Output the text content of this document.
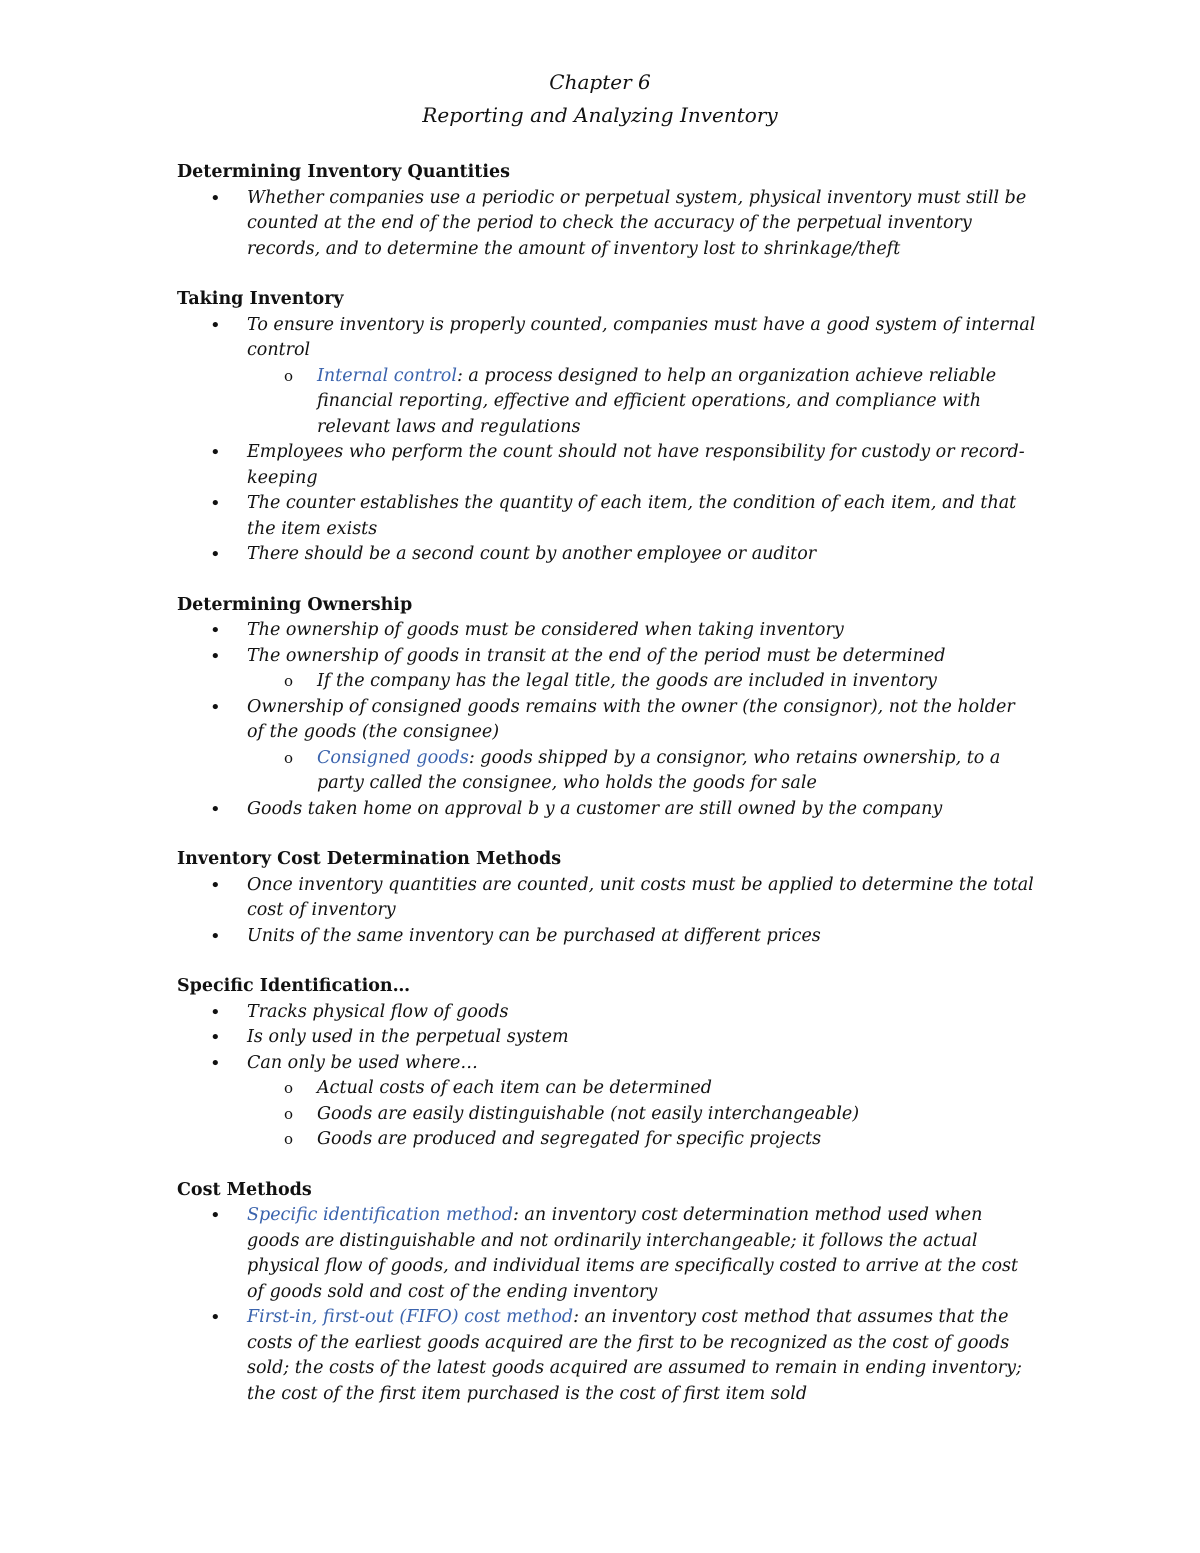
Chapter 6
Reporting and Analyzing Inventory
Determining Inventory Quantities
• Whether companies use a periodic or perpetual system, physical inventory must still be counted at the end of the period to check the accuracy of the perpetual inventory records, and to determine the amount of inventory lost to shrinkage/theft
Taking Inventory
• To ensure inventory is properly counted, companies must have a good system of internal control
o Internal control: a process designed to help an organization achieve reliable financial reporting, effective and efficient operations, and compliance with relevant laws and regulations
• Employees who perform the count should not have responsibility for custody or record-keeping
• The counter establishes the quantity of each item, the condition of each item, and that the item exists
• There should be a second count by another employee or auditor
Determining Ownership
• The ownership of goods must be considered when taking inventory
• The ownership of goods in transit at the end of the period must be determined
o If the company has the legal title, the goods are included in inventory
• Ownership of consigned goods remains with the owner (the consignor), not the holder of the goods (the consignee)
o Consigned goods: goods shipped by a consignor, who retains ownership, to a party called the consignee, who holds the goods for sale
• Goods taken home on approval b y a customer are still owned by the company
Inventory Cost Determination Methods
• Once inventory quantities are counted, unit costs must be applied to determine the total cost of inventory
• Units of the same inventory can be purchased at different prices
Specific Identification…
• Tracks physical flow of goods
• Is only used in the perpetual system
• Can only be used where…
o Actual costs of each item can be determined
o Goods are easily distinguishable (not easily interchangeable)
o Goods are produced and segregated for specific projects
Cost Methods
• Specific identification method: an inventory cost determination method used when goods are distinguishable and not ordinarily interchangeable; it follows the actual physical flow of goods, and individual items are specifically costed to arrive at the cost of goods sold and cost of the ending inventory
• First-in, first-out (FIFO) cost method: an inventory cost method that assumes that the costs of the earliest goods acquired are the first to be recognized as the cost of goods sold; the costs of the latest goods acquired are assumed to remain in ending inventory; the cost of the first item purchased is the cost of first item sold
